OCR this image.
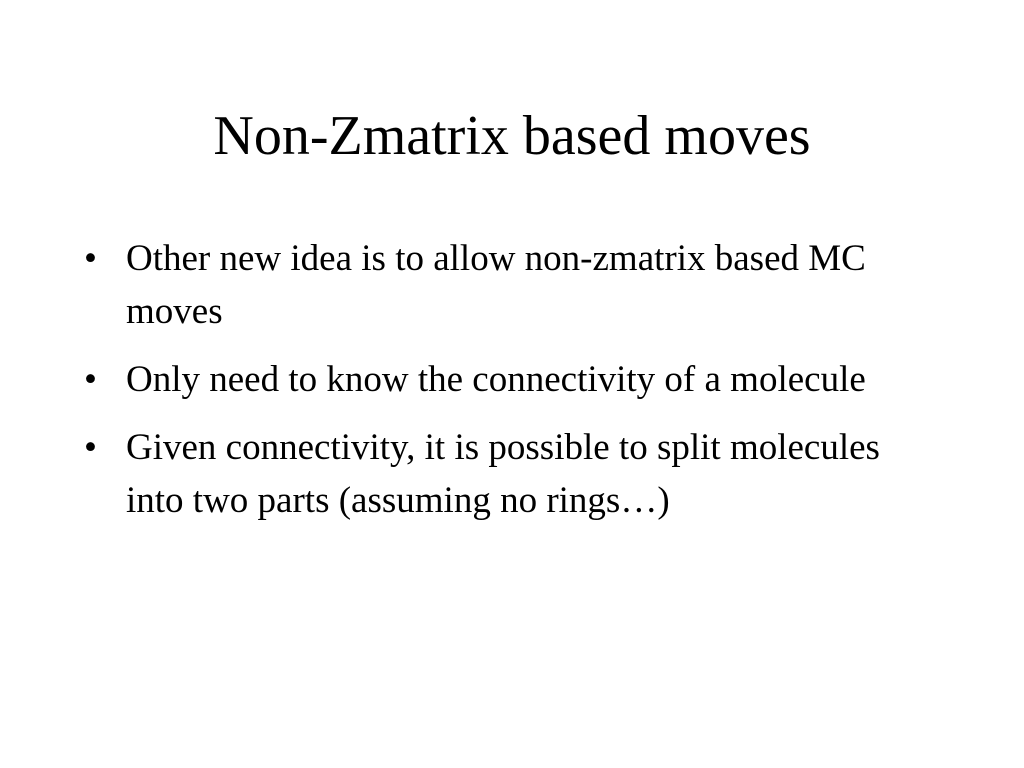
Non-Zmatrix based moves
• Other new idea is to allow non-zmatrix based MC moves
• Only need to know the connectivity of a molecule
• Given connectivity, it is possible to split molecules into two parts (assuming no rings…)
